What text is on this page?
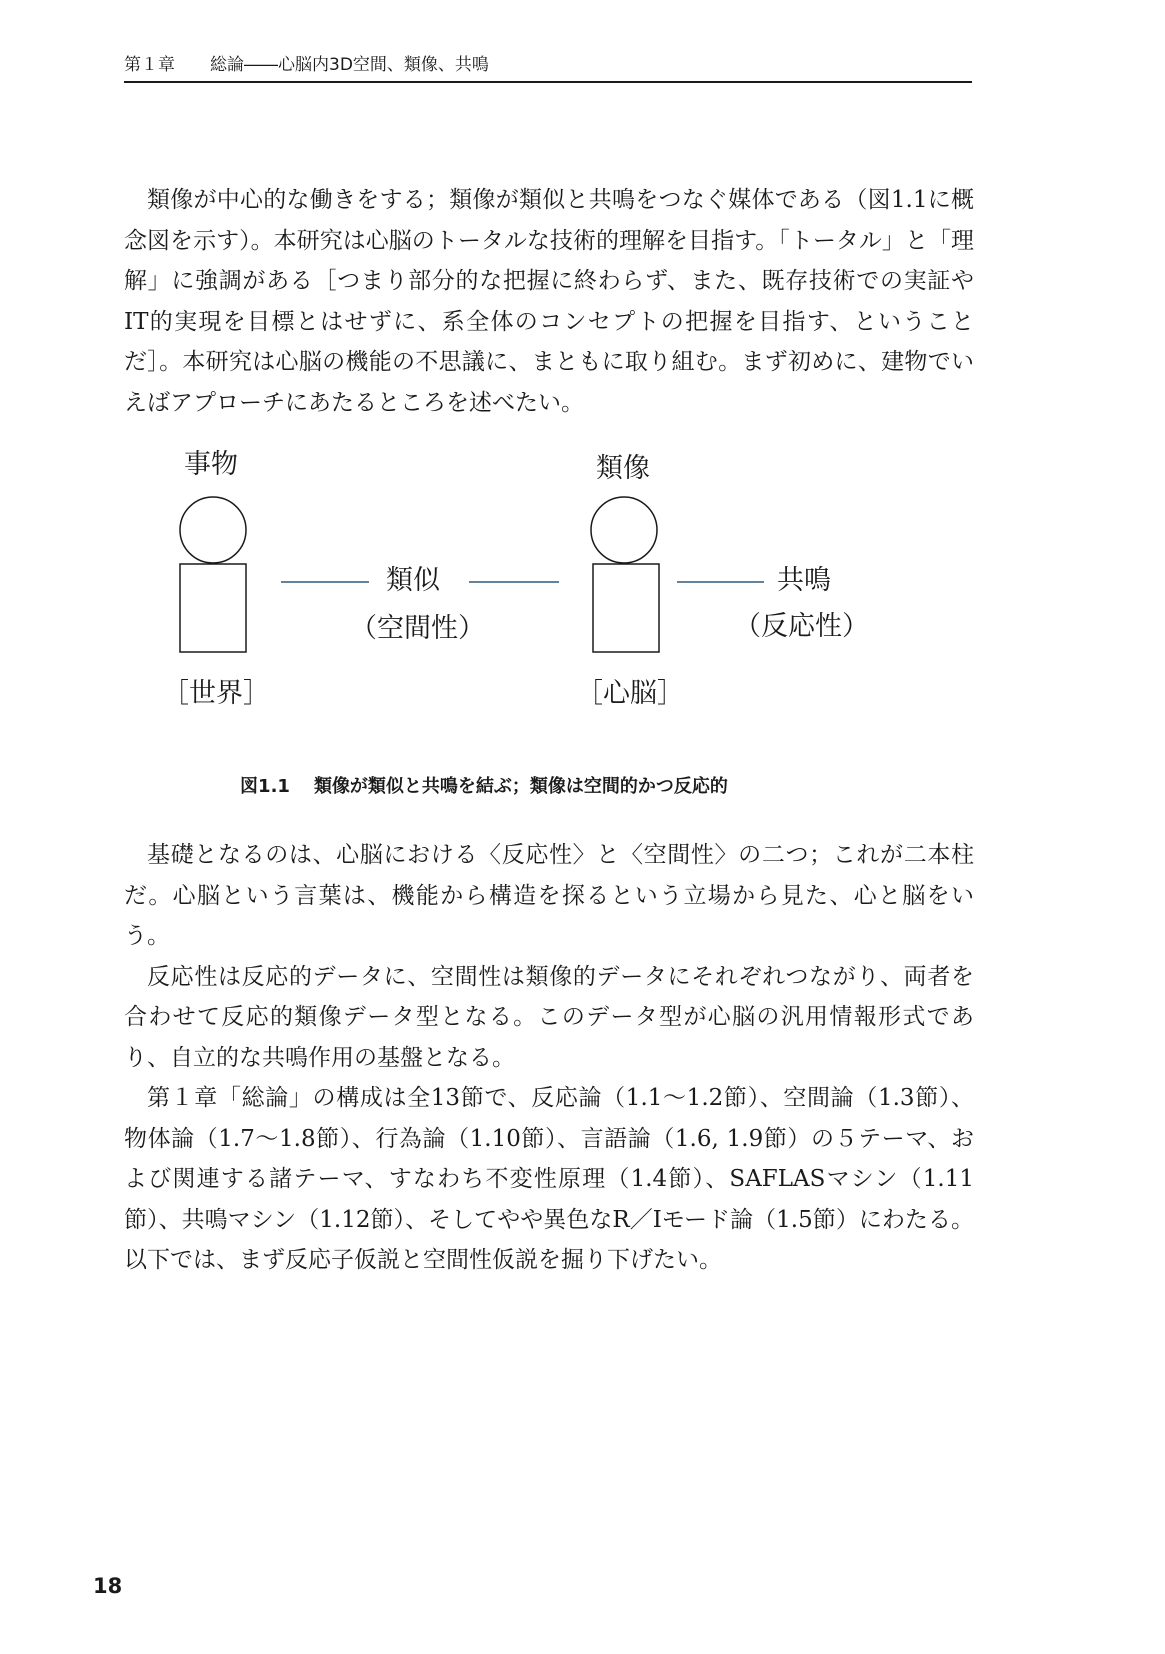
第１章 総論――心脳内3D空間、類像、共鳴

類像が中心的な働きをする；類像が類似と共鳴をつなぐ媒体である（図1.1に概念図を示す）。本研究は心脳のトータルな技術的理解を目指す。「トータル」と「理解」に強調がある［つまり部分的な把握に終わらず、また、既存技術での実証やIT的実現を目標とはせずに、系全体のコンセプトの把握を目指す、ということだ］。本研究は心脳の機能の不思議に、まともに取り組む。まず初めに、建物でいえばアプローチにあたるところを述べたい。

事物	類像
類似
（空間性）
共鳴
（反応性）
［世界］	［心脳］
図1.1 類像が類似と共鳴を結ぶ；類像は空間的かつ反応的

基礎となるのは、心脳における〈反応性〉と〈空間性〉の二つ；これが二本柱だ。心脳という言葉は、機能から構造を探るという立場から見た、心と脳をいう。

反応性は反応的データに、空間性は類像的データにそれぞれつながり、両者を合わせて反応的類像データ型となる。このデータ型が心脳の汎用情報形式であり、自立的な共鳴作用の基盤となる。

第１章「総論」の構成は全13節で、反応論（1.1〜1.2節）、空間論（1.3節）、物体論（1.7〜1.8節）、行為論（1.10節）、言語論（1.6, 1.9節）の５テーマ、および関連する諸テーマ、すなわち不変性原理（1.4節）、SAFLASマシン（1.11節）、共鳴マシン（1.12節）、そしてやや異色なR／Iモード論（1.5節）にわたる。以下では、まず反応子仮説と空間性仮説を掘り下げたい。

18
